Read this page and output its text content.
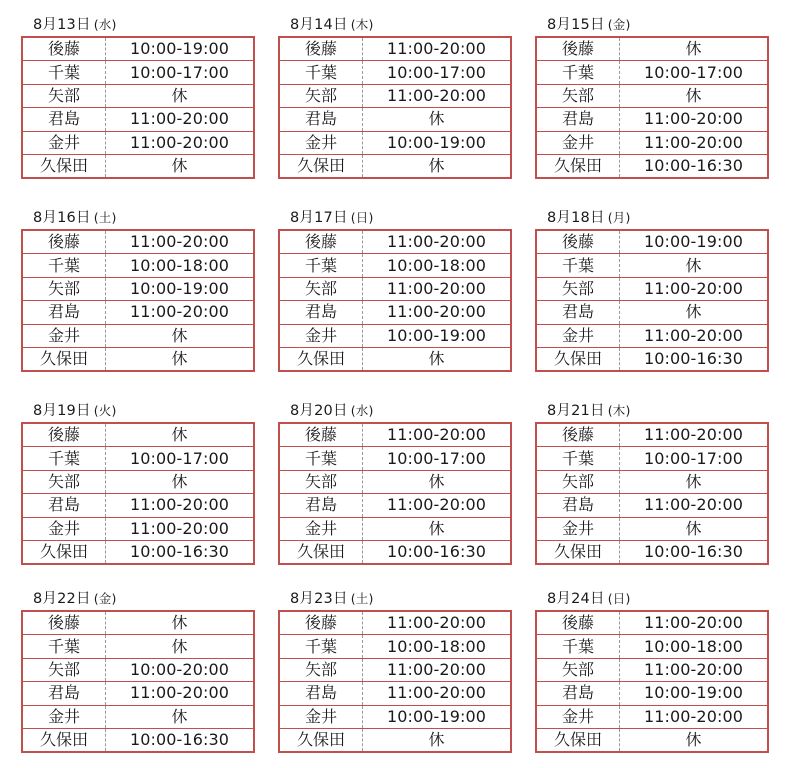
8月13日 (水)
後藤	10:00-19:00
千葉	10:00-17:00
矢部	休
君島	11:00-20:00
金井	11:00-20:00
久保田	休
8月14日 (木)
後藤	11:00-20:00
千葉	10:00-17:00
矢部	11:00-20:00
君島	休
金井	10:00-19:00
久保田	休
8月15日 (金)
後藤	休
千葉	10:00-17:00
矢部	休
君島	11:00-20:00
金井	11:00-20:00
久保田	10:00-16:30
8月16日 (土)
後藤	11:00-20:00
千葉	10:00-18:00
矢部	10:00-19:00
君島	11:00-20:00
金井	休
久保田	休
8月17日 (日)
後藤	11:00-20:00
千葉	10:00-18:00
矢部	11:00-20:00
君島	11:00-20:00
金井	10:00-19:00
久保田	休
8月18日 (月)
後藤	10:00-19:00
千葉	休
矢部	11:00-20:00
君島	休
金井	11:00-20:00
久保田	10:00-16:30
8月19日 (火)
後藤	休
千葉	10:00-17:00
矢部	休
君島	11:00-20:00
金井	11:00-20:00
久保田	10:00-16:30
8月20日 (水)
後藤	11:00-20:00
千葉	10:00-17:00
矢部	休
君島	11:00-20:00
金井	休
久保田	10:00-16:30
8月21日 (木)
後藤	11:00-20:00
千葉	10:00-17:00
矢部	休
君島	11:00-20:00
金井	休
久保田	10:00-16:30
8月22日 (金)
後藤	休
千葉	休
矢部	10:00-20:00
君島	11:00-20:00
金井	休
久保田	10:00-16:30
8月23日 (土)
後藤	11:00-20:00
千葉	10:00-18:00
矢部	11:00-20:00
君島	11:00-20:00
金井	10:00-19:00
久保田	休
8月24日 (日)
後藤	11:00-20:00
千葉	10:00-18:00
矢部	11:00-20:00
君島	10:00-19:00
金井	11:00-20:00
久保田	休
